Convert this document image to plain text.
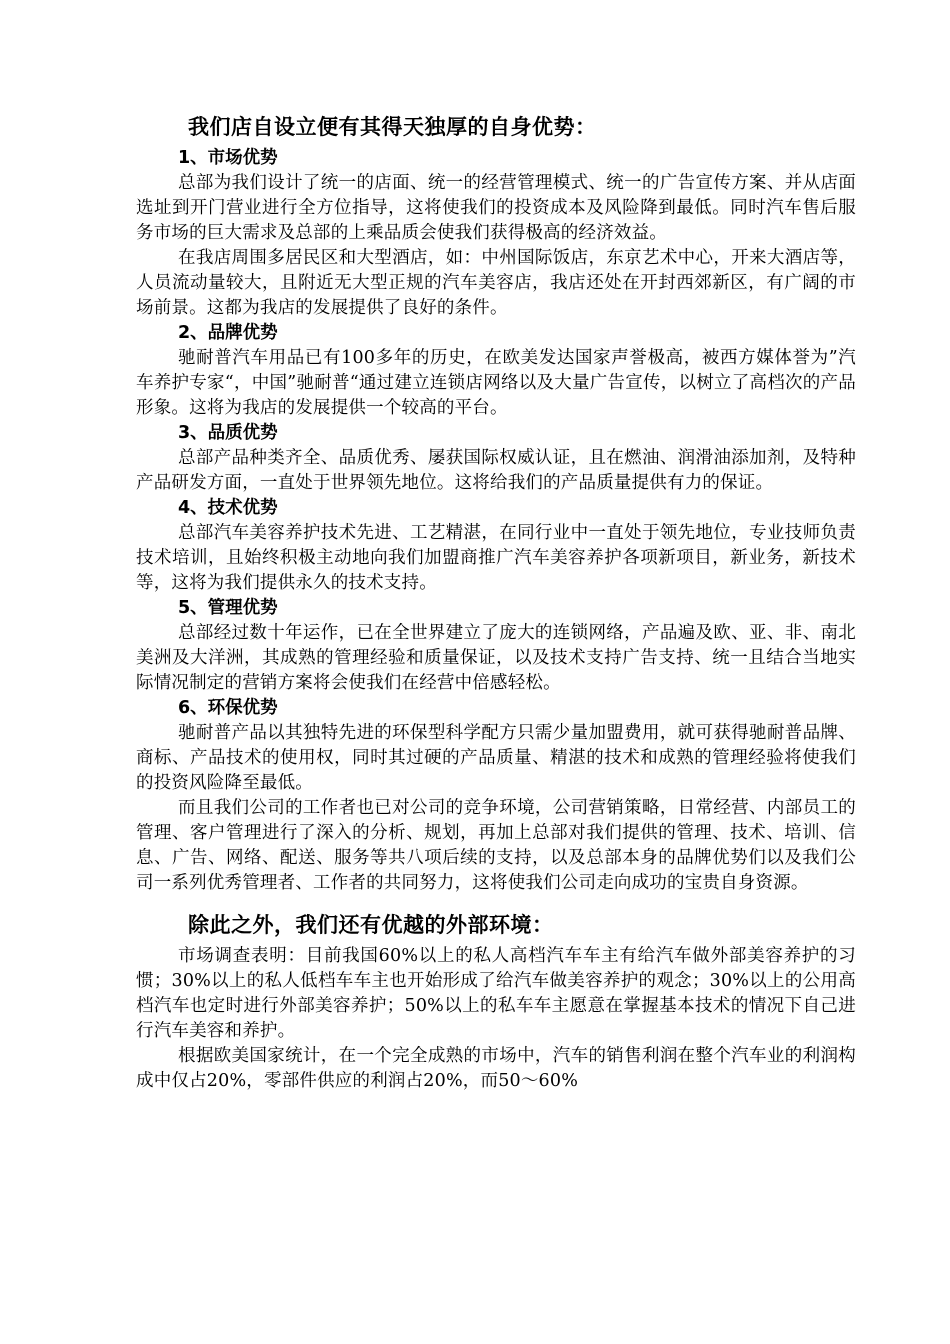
我们店自设立便有其得天独厚的自身优势：
1、市场优势

总部为我们设计了统一的店面、统一的经营管理模式、统一的广告宣传方案、并从店面选址到开门营业进行全方位指导，这将使我们的投资成本及风险降到最低。同时汽车售后服务市场的巨大需求及总部的上乘品质会使我们获得极高的经济效益。

在我店周围多居民区和大型酒店，如：中州国际饭店，东京艺术中心，开来大酒店等，人员流动量较大，且附近无大型正规的汽车美容店，我店还处在开封西郊新区，有广阔的市场前景。这都为我店的发展提供了良好的条件。

2、品牌优势

驰耐普汽车用品已有100多年的历史，在欧美发达国家声誉极高，被西方媒体誉为”汽车养护专家“，中国”驰耐普“通过建立连锁店网络以及大量广告宣传，以树立了高档次的产品形象。这将为我店的发展提供一个较高的平台。

3、品质优势

总部产品种类齐全、品质优秀、屡获国际权威认证，且在燃油、润滑油添加剂，及特种产品研发方面，一直处于世界领先地位。这将给我们的产品质量提供有力的保证。

4、技术优势

总部汽车美容养护技术先进、工艺精湛，在同行业中一直处于领先地位，专业技师负责技术培训，且始终积极主动地向我们加盟商推广汽车美容养护各项新项目，新业务，新技术等，这将为我们提供永久的技术支持。

5、管理优势

总部经过数十年运作，已在全世界建立了庞大的连锁网络，产品遍及欧、亚、非、南北美洲及大洋洲，其成熟的管理经验和质量保证，以及技术支持广告支持、统一且结合当地实际情况制定的营销方案将会使我们在经营中倍感轻松。

6、环保优势

驰耐普产品以其独特先进的环保型科学配方只需少量加盟费用，就可获得驰耐普品牌、商标、产品技术的使用权，同时其过硬的产品质量、精湛的技术和成熟的管理经验将使我们的投资风险降至最低。

而且我们公司的工作者也已对公司的竞争环境，公司营销策略，日常经营、内部员工的管理、客户管理进行了深入的分析、规划，再加上总部对我们提供的管理、技术、培训、信息、广告、网络、配送、服务等共八项后续的支持，以及总部本身的品牌优势们以及我们公司一系列优秀管理者、工作者的共同努力，这将使我们公司走向成功的宝贵自身资源。

除此之外，我们还有优越的外部环境：

市场调查表明：目前我国60%以上的私人高档汽车车主有给汽车做外部美容养护的习惯；30%以上的私人低档车车主也开始形成了给汽车做美容养护的观念；30%以上的公用高档汽车也定时进行外部美容养护；50%以上的私车车主愿意在掌握基本技术的情况下自己进行汽车美容和养护。

根据欧美国家统计，在一个完全成熟的市场中，汽车的销售利润在整个汽车业的利润构成中仅占20%，零部件供应的利润占20%，而50～60%
